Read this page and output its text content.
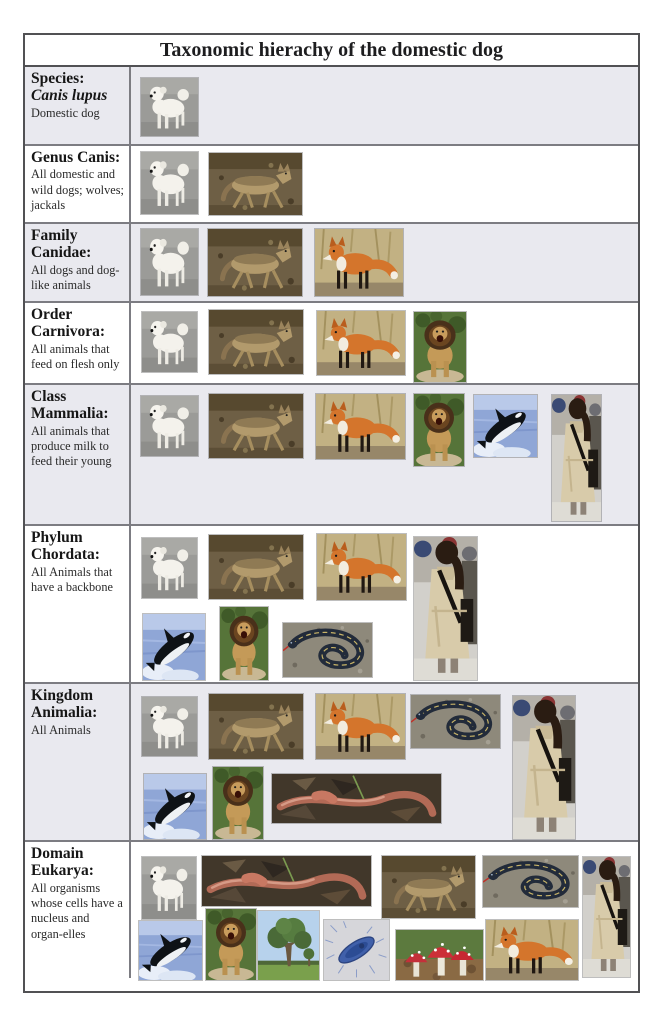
Taxonomic hierachy of the domestic dog
Species:
Canis lupus
Domestic dog
Genus Canis:
All domestic and wild dogs; wolves; jackals
Family Canidae:
All dogs and dog-like animals
Order Carnivora:
All animals that feed on flesh only
Class Mammalia:
All animals that produce milk to feed their young
Phylum Chordata:
All Animals that have a backbone
Kingdom Animalia:
All Animals
Domain Eukarya:
All organisms whose cells have a nucleus and organ-elles
